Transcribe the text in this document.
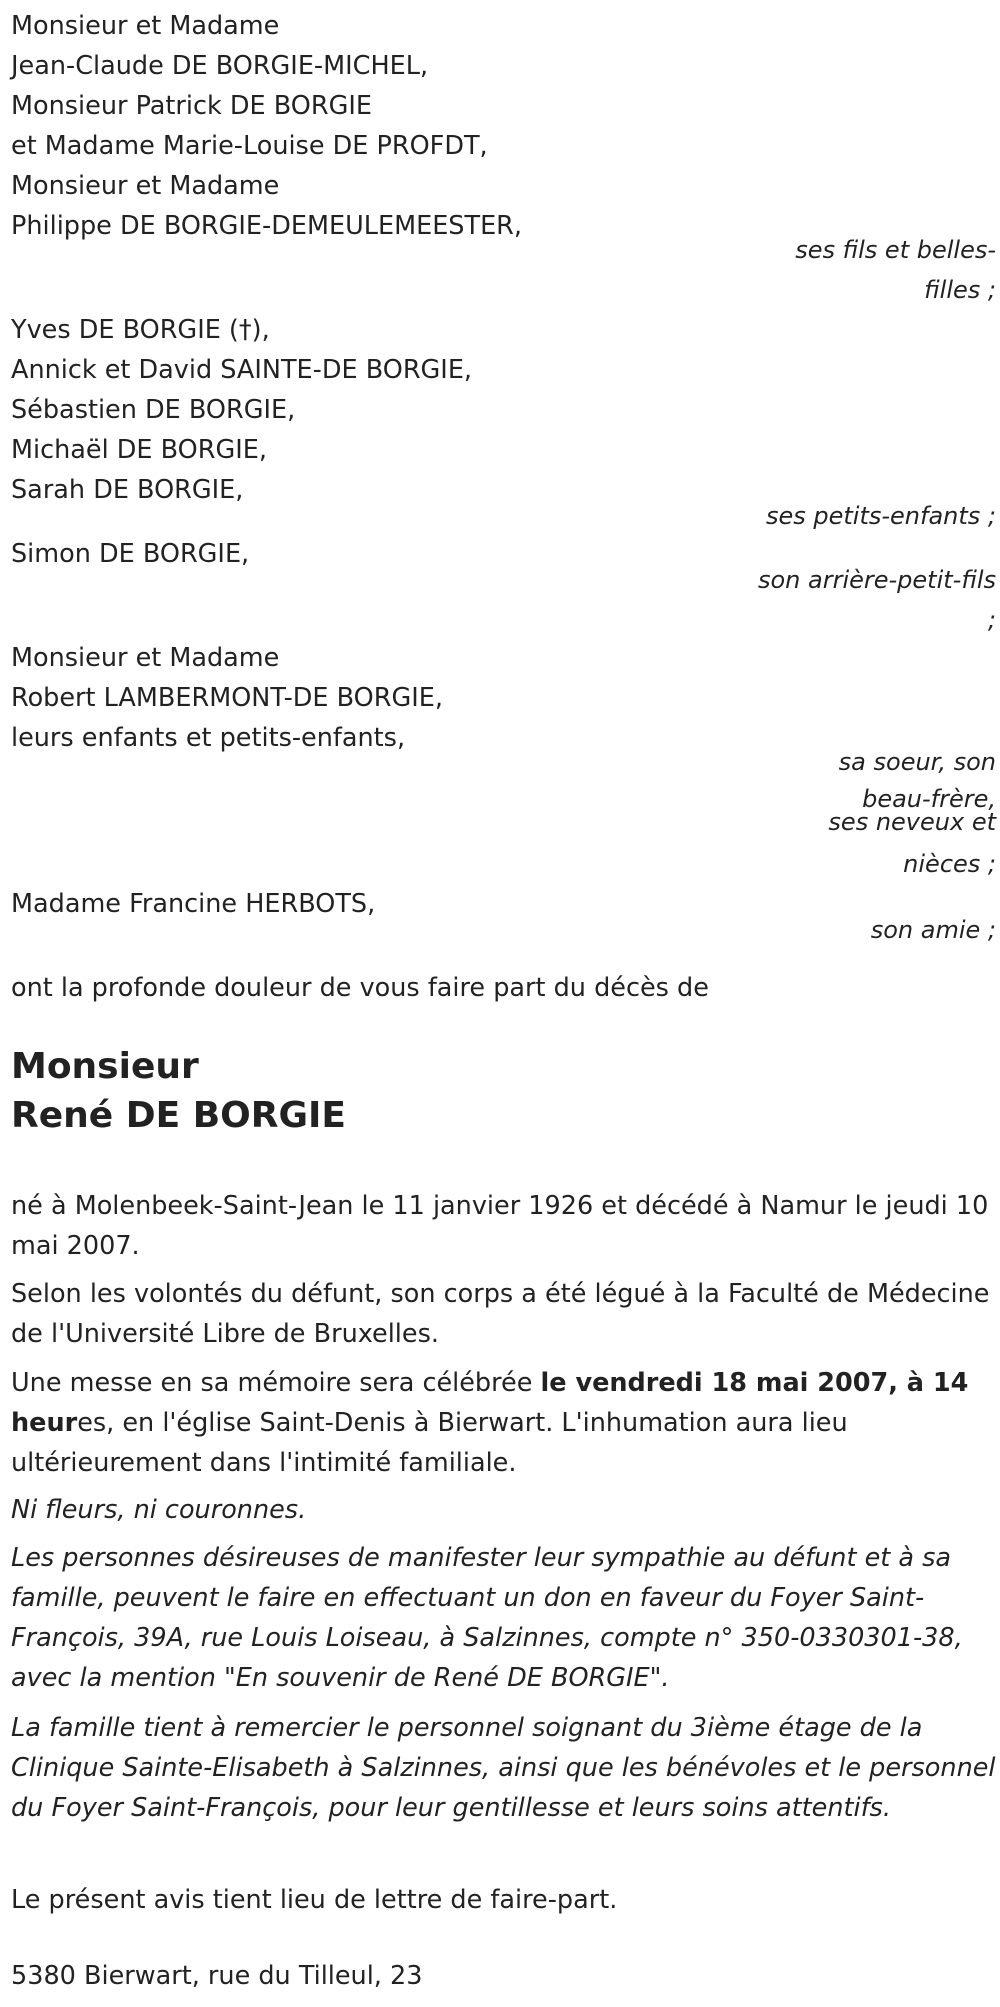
Monsieur et Madame
Jean-Claude DE BORGIE-MICHEL,
Monsieur Patrick DE BORGIE
et Madame Marie-Louise DE PROFDT,
Monsieur et Madame
Philippe DE BORGIE-DEMEULEMEESTER,
ses fils et belles-
filles ;
Yves DE BORGIE (†),
Annick et David SAINTE-DE BORGIE,
Sébastien DE BORGIE,
Michaël DE BORGIE,
Sarah DE BORGIE,
ses petits-enfants ;
Simon DE BORGIE,
son arrière-petit-fils
;
Monsieur et Madame
Robert LAMBERMONT-DE BORGIE,
leurs enfants et petits-enfants,
sa soeur, son
beau-frère,
ses neveux et
nièces ;
Madame Francine HERBOTS,
son amie ;
ont la profonde douleur de vous faire part du décès de
Monsieur
René DE BORGIE

né à Molenbeek-Saint-Jean le 11 janvier 1926 et décédé à Namur le jeudi 10 mai 2007.

Selon les volontés du défunt, son corps a été légué à la Faculté de Médecine de l'Université Libre de Bruxelles.

Une messe en sa mémoire sera célébrée le vendredi 18 mai 2007, à 14 heures, en l'église Saint-Denis à Bierwart. L'inhumation aura lieu ultérieurement dans l'intimité familiale.

Ni fleurs, ni couronnes.

Les personnes désireuses de manifester leur sympathie au défunt et à sa famille, peuvent le faire en effectuant un don en faveur du Foyer Saint-François, 39A, rue Louis Loiseau, à Salzinnes, compte n° 350-0330301-38, avec la mention "En souvenir de René DE BORGIE".

La famille tient à remercier le personnel soignant du 3ième étage de la Clinique Sainte-Elisabeth à Salzinnes, ainsi que les bénévoles et le personnel du Foyer Saint-François, pour leur gentillesse et leurs soins attentifs.

Le présent avis tient lieu de lettre de faire-part.

5380 Bierwart, rue du Tilleul, 23
